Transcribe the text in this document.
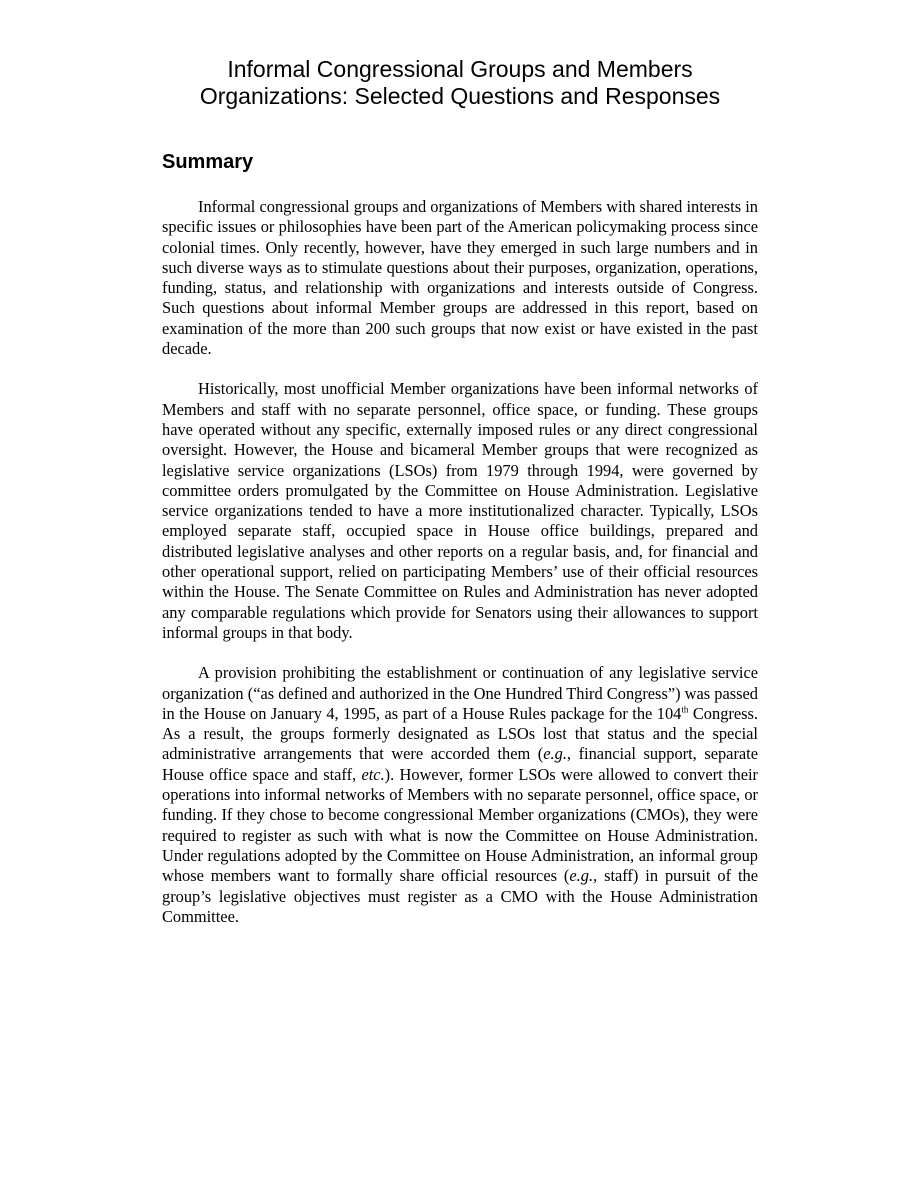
Informal Congressional Groups and Members
Organizations: Selected Questions and Responses
Summary

Informal congressional groups and organizations of Members with shared interests in specific issues or philosophies have been part of the American policymaking process since colonial times. Only recently, however, have they emerged in such large numbers and in such diverse ways as to stimulate questions about their purposes, organization, operations, funding, status, and relationship with organizations and interests outside of Congress. Such questions about informal Member groups are addressed in this report, based on examination of the more than 200 such groups that now exist or have existed in the past decade.

Historically, most unofficial Member organizations have been informal networks of Members and staff with no separate personnel, office space, or funding. These groups have operated without any specific, externally imposed rules or any direct congressional oversight. However, the House and bicameral Member groups that were recognized as legislative service organizations (LSOs) from 1979 through 1994, were governed by committee orders promulgated by the Committee on House Administration. Legislative service organizations tended to have a more institutionalized character. Typically, LSOs employed separate staff, occupied space in House office buildings, prepared and distributed legislative analyses and other reports on a regular basis, and, for financial and other operational support, relied on participating Members’ use of their official resources within the House. The Senate Committee on Rules and Administration has never adopted any comparable regulations which provide for Senators using their allowances to support informal groups in that body.

A provision prohibiting the establishment or continuation of any legislative service organization (“as defined and authorized in the One Hundred Third Congress”) was passed in the House on January 4, 1995, as part of a House Rules package for the 104th Congress. As a result, the groups formerly designated as LSOs lost that status and the special administrative arrangements that were accorded them (e.g., financial support, separate House office space and staff, etc.). However, former LSOs were allowed to convert their operations into informal networks of Members with no separate personnel, office space, or funding. If they chose to become congressional Member organizations (CMOs), they were required to register as such with what is now the Committee on House Administration. Under regulations adopted by the Committee on House Administration, an informal group whose members want to formally share official resources (e.g., staff) in pursuit of the group’s legislative objectives must register as a CMO with the House Administration Committee.
